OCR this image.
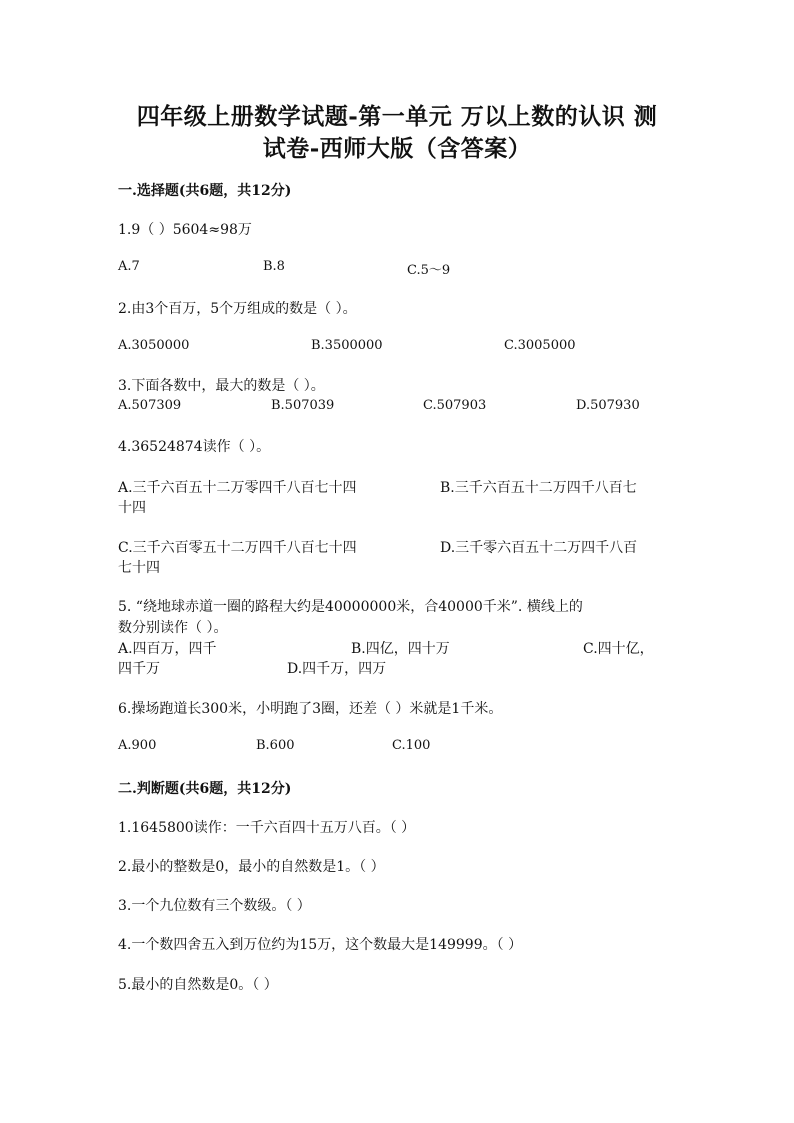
四年级上册数学试题-第一单元 万以上数的认识 测
试卷-西师大版（含答案）
一.选择题(共6题，共12分)
1.9（ ）5604≈98万
A.7	B.8	C.5～9
2.由3个百万，5个万组成的数是（ ）。
A.3050000	B.3500000	C.3005000
3.下面各数中，最大的数是（ ）。
A.507309	B.507039	C.507903	D.507930
4.36524874读作（ ）。
A.三千六百五十二万零四千八百七十四	B.三千六百五十二万四千八百七
十四
C.三千六百零五十二万四千八百七十四	D.三千零六百五十二万四千八百
七十四
5. “绕地球赤道一圈的路程大约是40000000米，合40000千米”. 横线上的
数分别读作（ ）。
A.四百万，四千	B.四亿，四十万	C.四十亿，
四千万	D.四千万，四万
6.操场跑道长300米，小明跑了3圈，还差（ ）米就是1千米。
A.900	B.600	C.100
二.判断题(共6题，共12分)
1.1645800读作：一千六百四十五万八百。（ ）
2.最小的整数是0，最小的自然数是1。（ ）
3.一个九位数有三个数级。（ ）
4.一个数四舍五入到万位约为15万，这个数最大是149999。（ ）
5.最小的自然数是0。（ ）
